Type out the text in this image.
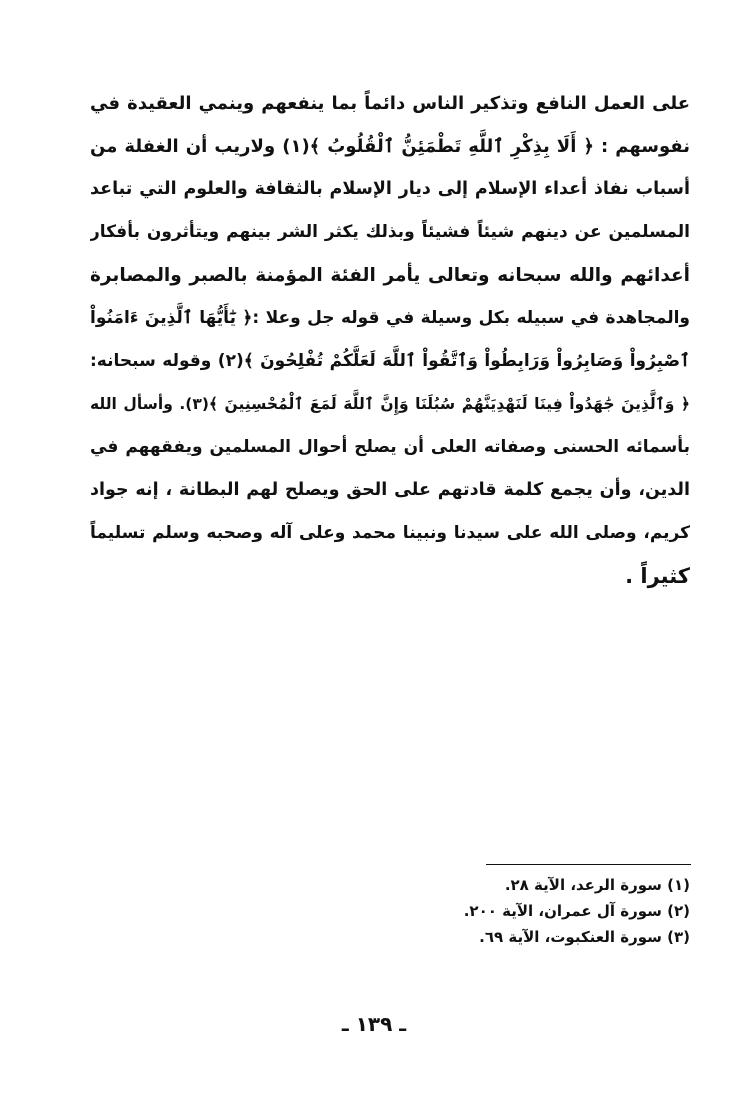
على العمل النافع وتذكير الناس دائماً بما ينفعهم وينمي العقيدة في
نفوسهم : ﴿ أَلَا بِذِكْرِ ٱللَّهِ تَطْمَئِنُّ ٱلْقُلُوبُ ﴾(١) ولاريب أن الغفلة من
أسباب نفاذ أعداء الإسلام إلى ديار الإسلام بالثقافة والعلوم التي تباعد
المسلمين عن دينهم شيئاً فشيئاً وبذلك يكثر الشر بينهم ويتأثرون بأفكار
أعدائهم والله سبحانه وتعالى يأمر الفئة المؤمنة بالصبر والمصابرة
والمجاهدة في سبيله بكل وسيلة في قوله جل وعلا :﴿ يَٰٓأَيُّهَا ٱلَّذِينَ ءَامَنُواْ
ٱصْبِرُواْ وَصَابِرُواْ وَرَابِطُواْ وَٱتَّقُواْ ٱللَّهَ لَعَلَّكُمْ تُفْلِحُونَ ﴾(٢) وقوله سبحانه:
﴿ وَٱلَّذِينَ جَٰهَدُواْ فِينَا لَنَهْدِيَنَّهُمْ سُبُلَنَا وَإِنَّ ٱللَّهَ لَمَعَ ٱلْمُحْسِنِينَ ﴾(٣). وأسأل الله
بأسمائه الحسنى وصفاته العلى أن يصلح أحوال المسلمين ويفقههم في
الدين، وأن يجمع كلمة قادتهم على الحق ويصلح لهم البطانة ، إنه جواد
كريم، وصلى الله على سيدنا ونبينا محمد وعلى آله وصحبه وسلم تسليماً
كثيراً .
(١) سورة الرعد، الآية ٢٨.
(٢) سورة آل عمران، الآية ٢٠٠.
(٣) سورة العنكبوت، الآية ٦٩.
ـ ١٣٩ ـ
